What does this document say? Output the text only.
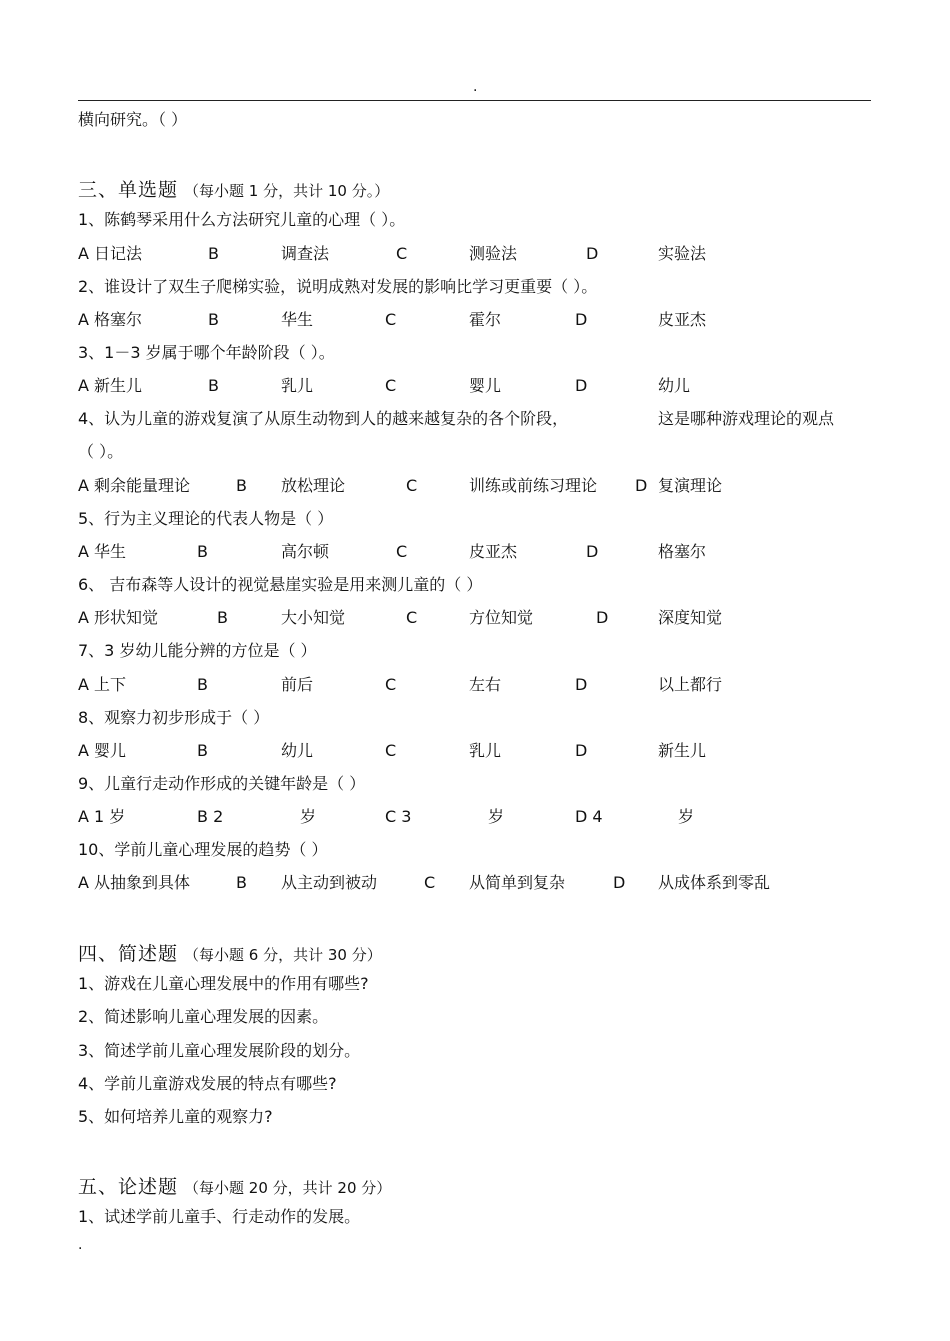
.
横向研究。（ ）
三、单选题 （每小题 1 分，共计 10 分。）
1、陈鹤琴采用什么方法研究儿童的心理（ ）。
A 日记法	B	调查法	C	测验法	D	实验法
2、谁设计了双生子爬梯实验，说明成熟对发展的影响比学习更重要（ ）。
A 格塞尔	B	华生	C	霍尔	D	皮亚杰
3、1－3 岁属于哪个年龄阶段（ ）。
A 新生儿	B	乳儿	C	婴儿	D	幼儿
4、认为儿童的游戏复演了从原生动物到人的越来越复杂的各个阶段，	这是哪种游戏理论的观点
（ ）。
A 剩余能量理论	B 放松理论	C	训练或前练习理论 D 复演理论
5、行为主义理论的代表人物是（ ）
A 华生	B	高尔顿	C	皮亚杰	D	格塞尔
6、 吉布森等人设计的视觉悬崖实验是用来测儿童的（ ）
A 形状知觉	B	大小知觉	C	方位知觉	D	深度知觉
7、3 岁幼儿能分辨的方位是（ ）
A 上下	B	前后	C	左右	D	以上都行
8、观察力初步形成于（ ）
A 婴儿	B	幼儿	C	乳儿	D	新生儿
9、儿童行走动作形成的关键年龄是（ ）
A 1 岁	B 2	岁	C 3	岁	D 4	岁
10、学前儿童心理发展的趋势（ ）
A 从抽象到具体	B 从主动到被动	C 从简单到复杂	D 从成体系到零乱
四、简述题 （每小题 6 分，共计 30 分）
1、游戏在儿童心理发展中的作用有哪些?
2、简述影响儿童心理发展的因素。
3、简述学前儿童心理发展阶段的划分。
4、学前儿童游戏发展的特点有哪些?
5、如何培养儿童的观察力?
五、论述题 （每小题 20 分，共计 20 分）
1、试述学前儿童手、行走动作的发展。
.
